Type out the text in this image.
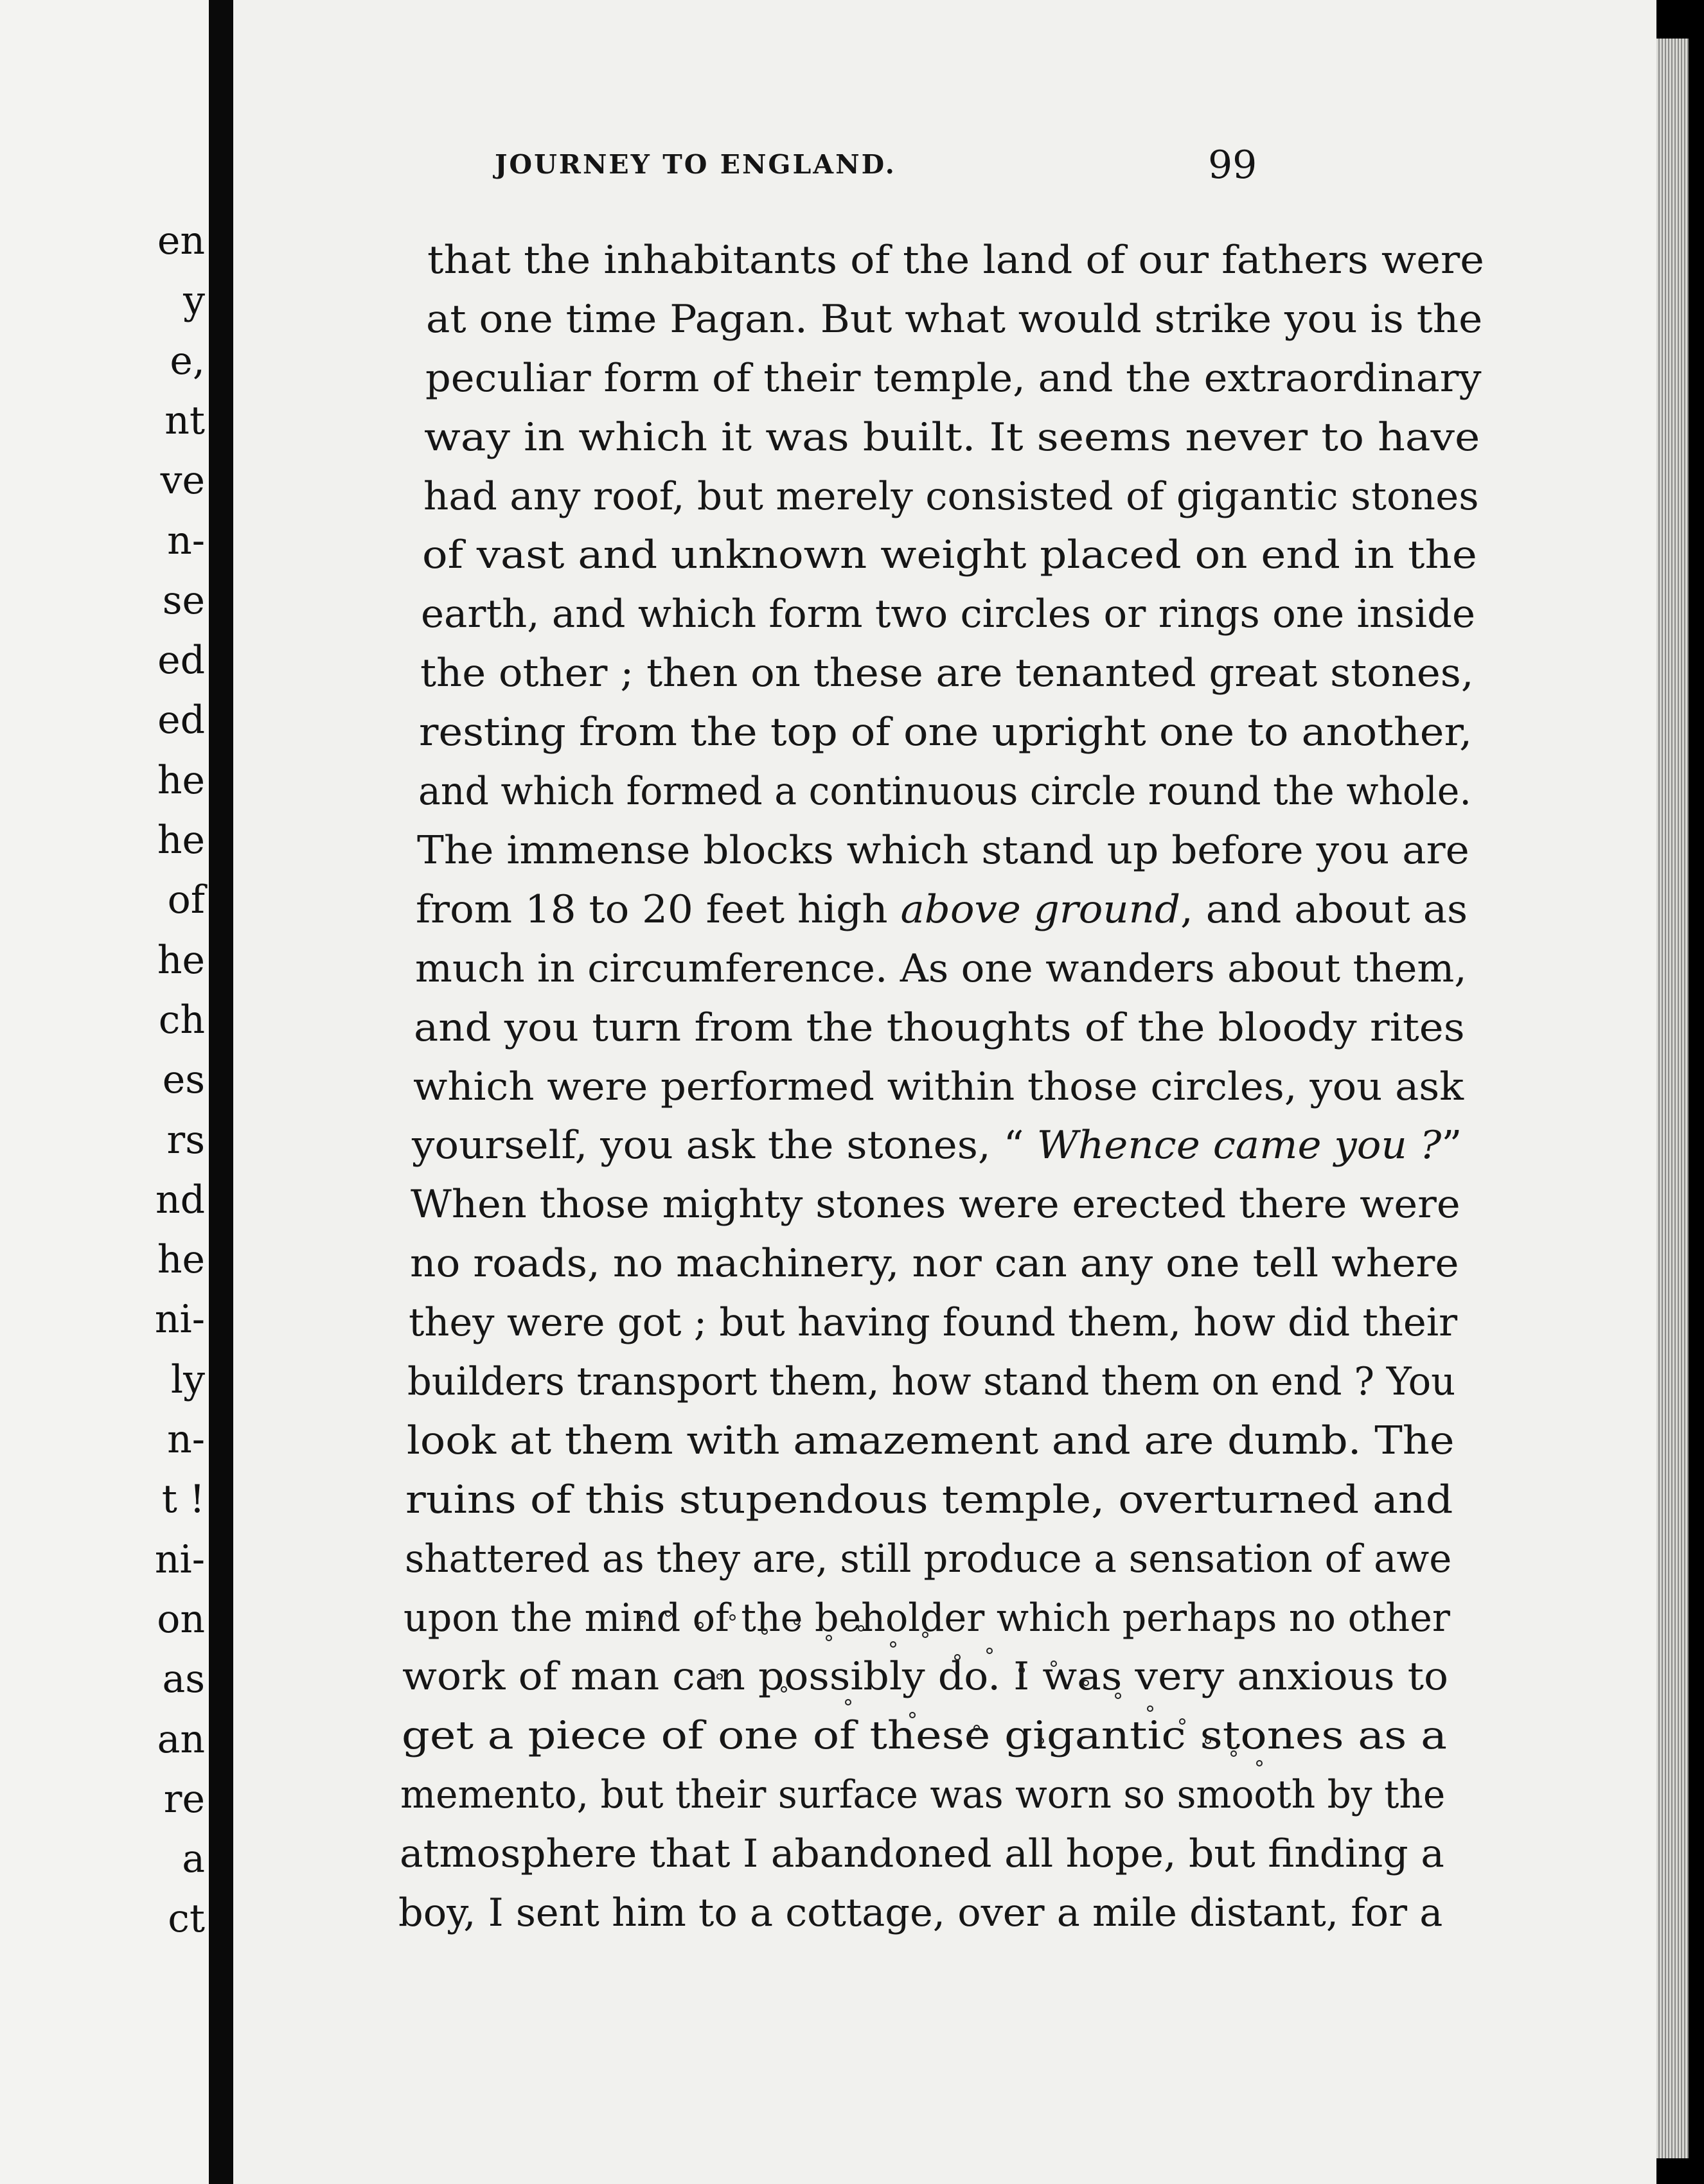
en
y
e,
nt
ve
n-
se
ed
ed
he
he
of
he
ch
es
rs
nd
he
ni-
ly
n-
t !
ni-
on
as
an
re
a
ct
JOURNEY TO ENGLAND.	99
that the inhabitants of the land of our fathers were
at one time Pagan. But what would strike you is the
peculiar form of their temple, and the extraordinary
way in which it was built. It seems never to have
had any roof, but merely consisted of gigantic stones
of vast and unknown weight placed on end in the
earth, and which form two circles or rings one inside
the other ; then on these are tenanted great stones,
resting from the top of one upright one to another,
and which formed a continuous circle round the whole.
The immense blocks which stand up before you are
from 18 to 20 feet high above ground, and about as
much in circumference. As one wanders about them,
and you turn from the thoughts of the bloody rites
which were performed within those circles, you ask
yourself, you ask the stones, “ Whence came you ?”
When those mighty stones were erected there were
no roads, no machinery, nor can any one tell where
they were got ; but having found them, how did their
builders transport them, how stand them on end ? You
look at them with amazement and are dumb. The
ruins of this stupendous temple, overturned and
shattered as they are, still produce a sensation of awe
upon the mind of the beholder which perhaps no other
work of man can possibly do. I was very anxious to
get a piece of one of these gigantic stones as a
memento, but their surface was worn so smooth by the
atmosphere that I abandoned all hope, but finding a
boy, I sent him to a cottage, over a mile distant, for a
